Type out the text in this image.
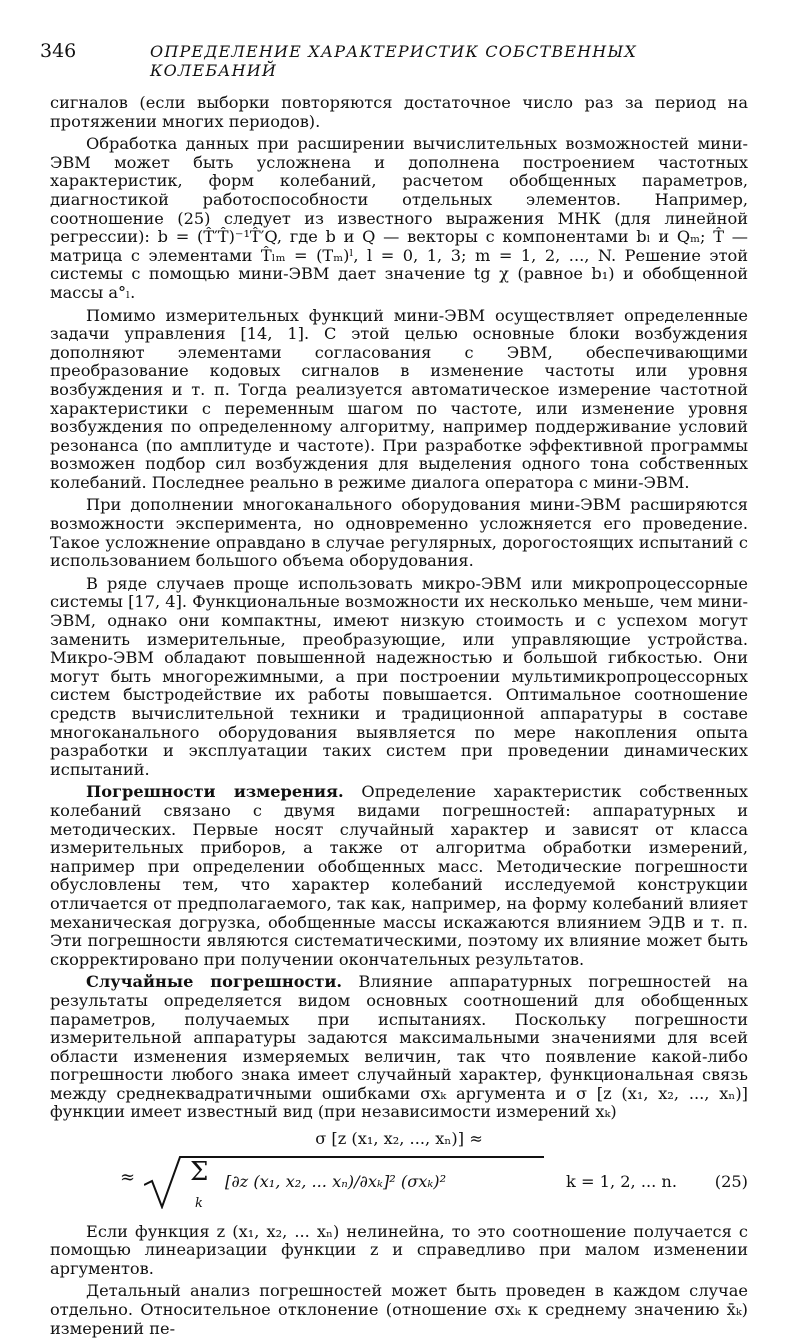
346	ОПРЕДЕЛЕНИЕ ХАРАКТЕРИСТИК СОБСТВЕННЫХ КОЛЕБАНИЙ

сигналов (если выборки повторяются достаточное число раз за период на протяжении многих периодов).

Обработка данных при расширении вычислительных возможностей мини-ЭВМ может быть усложнена и дополнена построением частотных характеристик, форм колебаний, расчетом обобщенных параметров, диагностикой работоспособности отдельных элементов. Например, соотношение (25) следует из известного выражения МНК (для линейной регрессии): b = (T̂′T̂)⁻¹T̂′Q, где b и Q — векторы с компонентами bₗ и Qₘ; T̂ — матрица с элементами T̂ₗₘ = (Tₘ)ˡ, l = 0, 1, 3; m = 1, 2, ..., N. Решение этой системы с помощью мини-ЭВМ дает значение tg χ (равное b₁) и обобщенной массы a°ₗ.

Помимо измерительных функций мини-ЭВМ осуществляет определенные задачи управления [14, 1]. С этой целью основные блоки возбуждения дополняют элементами согласования с ЭВМ, обеспечивающими преобразование кодовых сигналов в изменение частоты или уровня возбуждения и т. п. Тогда реализуется автоматическое измерение частотной характеристики с переменным шагом по частоте, или изменение уровня возбуждения по определенному алгоритму, например поддерживание условий резонанса (по амплитуде и частоте). При разработке эффективной программы возможен подбор сил возбуждения для выделения одного тона собственных колебаний. Последнее реально в режиме диалога оператора с мини-ЭВМ.

При дополнении многоканального оборудования мини-ЭВМ расширяются возможности эксперимента, но одновременно усложняется его проведение. Такое усложнение оправдано в случае регулярных, дорогостоящих испытаний с использованием большого объема оборудования.

В ряде случаев проще использовать микро-ЭВМ или микропроцессорные системы [17, 4]. Функциональные возможности их несколько меньше, чем мини-ЭВМ, однако они компактны, имеют низкую стоимость и с успехом могут заменить измерительные, преобразующие, или управляющие устройства. Микро-ЭВМ обладают повышенной надежностью и большой гибкостью. Они могут быть многорежимными, а при построении мультимикропроцессорных систем быстродействие их работы повышается. Оптимальное соотношение средств вычислительной техники и традиционной аппаратуры в составе многоканального оборудования выявляется по мере накопления опыта разработки и эксплуатации таких систем при проведении динамических испытаний.

Погрешности измерения. Определение характеристик собственных колебаний связано с двумя видами погрешностей: аппаратурных и методических. Первые носят случайный характер и зависят от класса измерительных приборов, а также от алгоритма обработки измерений, например при определении обобщенных масс. Методические погрешности обусловлены тем, что характер колебаний исследуемой конструкции отличается от предполагаемого, так как, например, на форму колебаний влияет механическая догрузка, обобщенные массы искажаются влиянием ЭДВ и т. п. Эти погрешности являются систематическими, поэтому их влияние может быть скорректировано при получении окончательных результатов.

Случайные погрешности. Влияние аппаратурных погрешностей на результаты определяется видом основных соотношений для обобщенных параметров, получаемых при испытаниях. Поскольку погрешности измерительной аппаратуры задаются максимальными значениями для всей области изменения измеряемых величин, так что появление какой-либо погрешности любого знака имеет случайный характер, функциональная связь между среднеквадратичными ошибками σxₖ аргумента и σ [z (x₁, x₂, ..., xₙ)] функции имеет известный вид (при независимости измерений xₖ)

σ [z (x₁, x₂, ..., xₙ)] ≈
≈ Σ
k
[∂z (x₁, x₂, ... xₙ)/∂xₖ]² (σxₖ)²	k = 1, 2, ... n. (25)

Если функция z (x₁, x₂, ... xₙ) нелинейна, то это соотношение получается с помощью линеаризации функции z и справедливо при малом изменении аргументов.

Детальный анализ погрешностей может быть проведен в каждом случае отдельно. Относительное отклонение (отношение σxₖ к среднему значению x̄ₖ) измерений пе-
